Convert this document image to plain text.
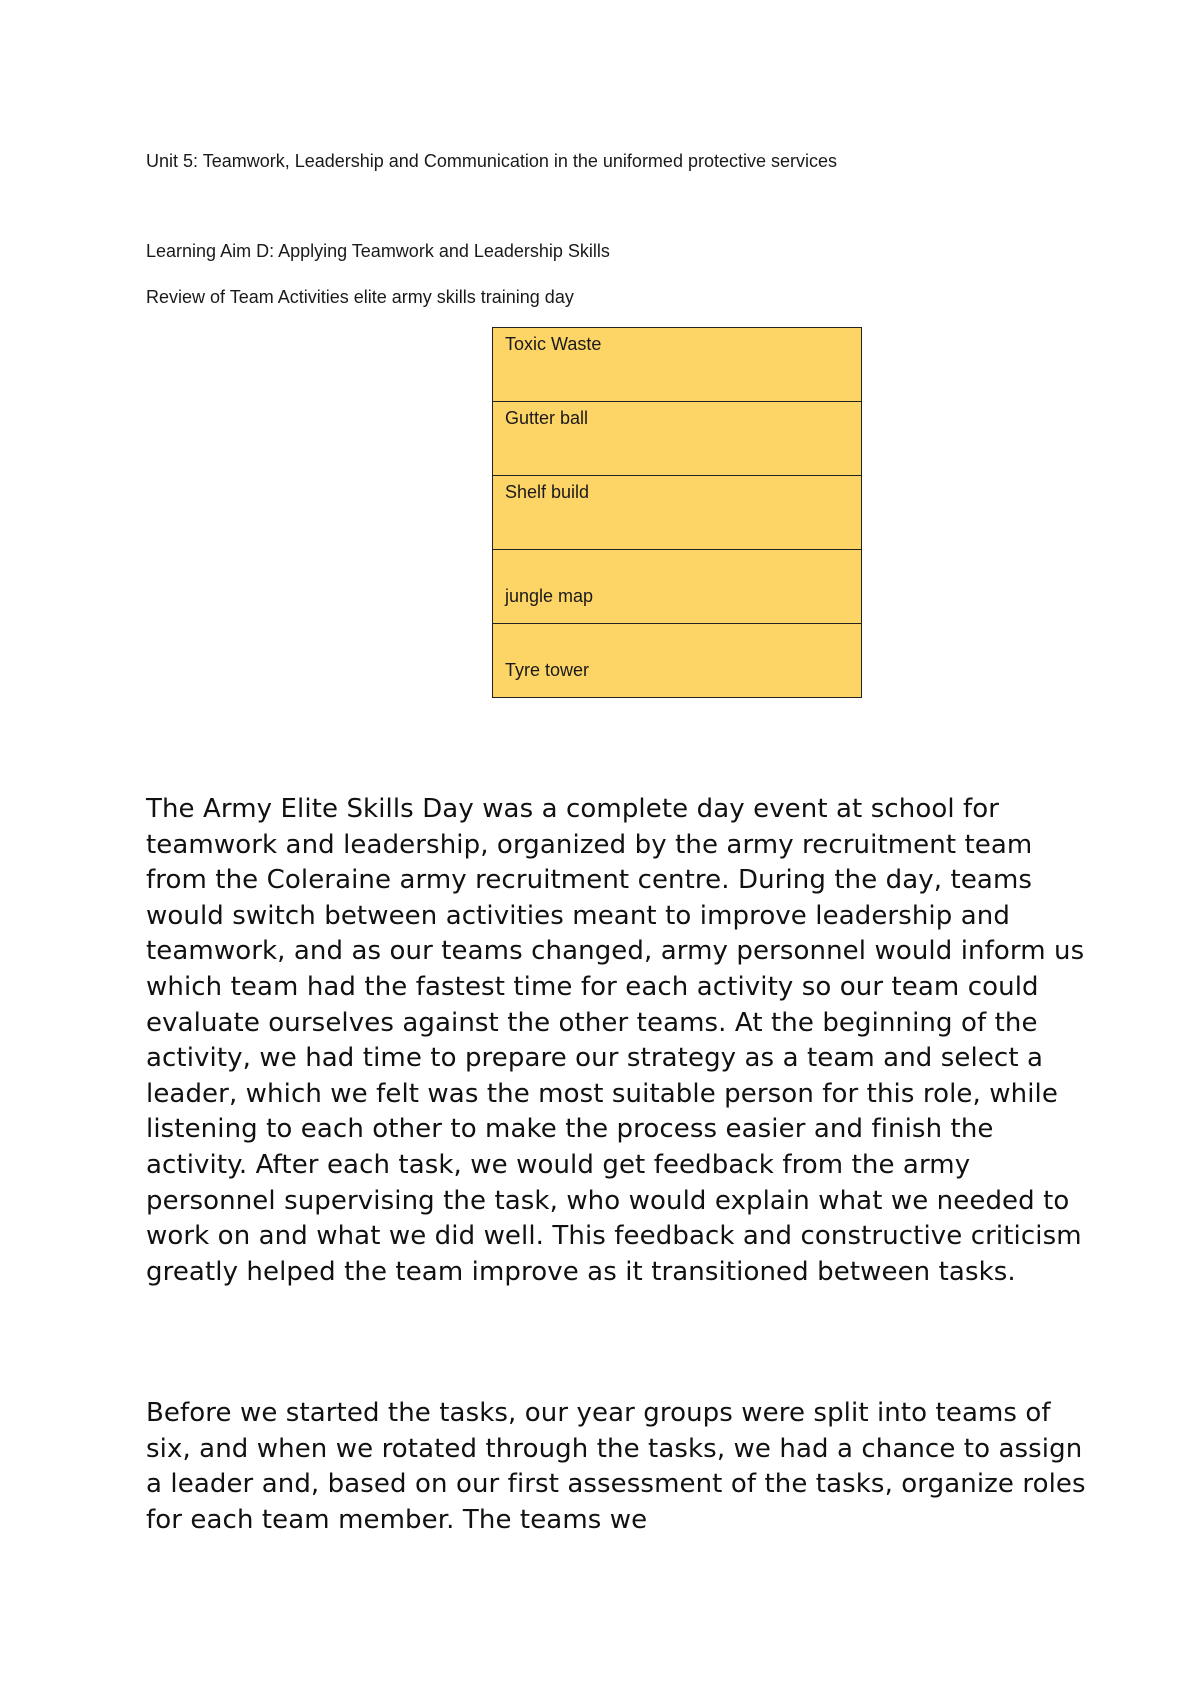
Unit 5: Teamwork, Leadership and Communication in the uniformed protective services

Learning Aim D: Applying Teamwork and Leadership Skills

Review of Team Activities elite army skills training day

Toxic Waste

Gutter ball

Shelf build

jungle map

Tyre tower

The Army Elite Skills Day was a complete day event at school for teamwork and leadership, organized by the army recruitment team from the Coleraine army recruitment centre. During the day, teams would switch between activities meant to improve leadership and teamwork, and as our teams changed, army personnel would inform us which team had the fastest time for each activity so our team could evaluate ourselves against the other teams. At the beginning of the activity, we had time to prepare our strategy as a team and select a leader, which we felt was the most suitable person for this role, while listening to each other to make the process easier and finish the activity. After each task, we would get feedback from the army personnel supervising the task, who would explain what we needed to work on and what we did well. This feedback and constructive criticism greatly helped the team improve as it transitioned between tasks.

Before we started the tasks, our year groups were split into teams of six, and when we rotated through the tasks, we had a chance to assign a leader and, based on our first assessment of the tasks, organize roles for each team member. The teams we
